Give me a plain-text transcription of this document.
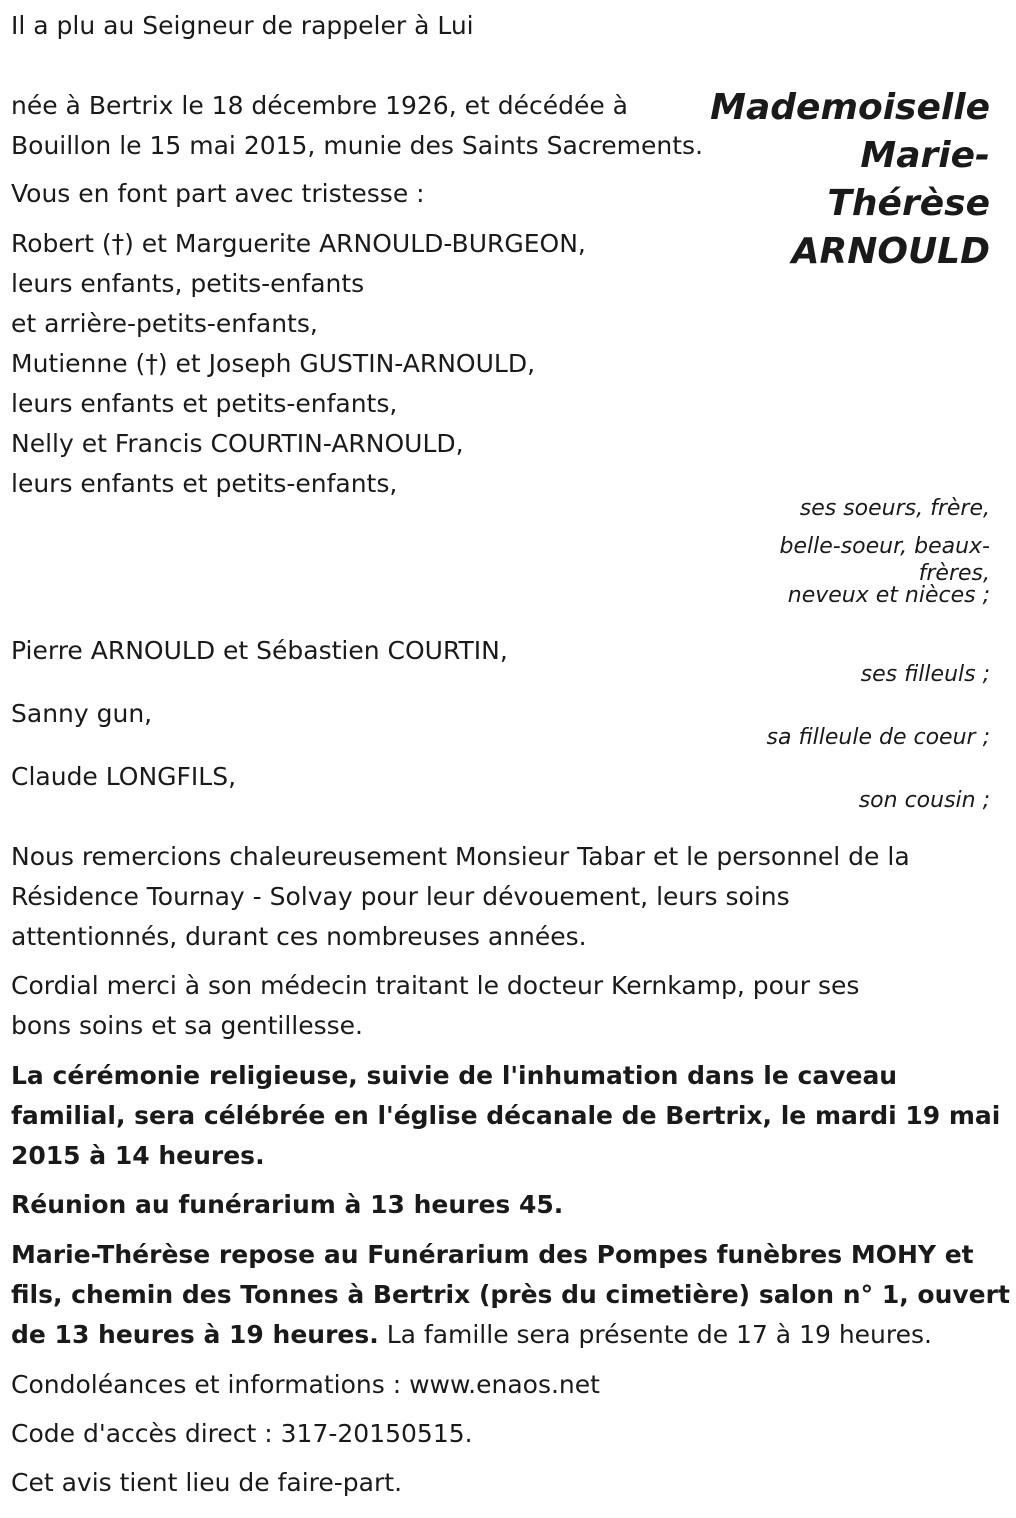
Il a plu au Seigneur de rappeler à Lui

Mademoiselle
Marie-
Thérèse
ARNOULD
née à Bertrix le 18 décembre 1926, et décédée à
Bouillon le 15 mai 2015, munie des Saints Sacrements.

Vous en font part avec tristesse :

Robert (†) et Marguerite ARNOULD-BURGEON,
leurs enfants, petits-enfants
et arrière-petits-enfants,
Mutienne (†) et Joseph GUSTIN-ARNOULD,
leurs enfants et petits-enfants,
Nelly et Francis COURTIN-ARNOULD,
leurs enfants et petits-enfants,
ses soeurs, frère,
belle-soeur, beaux-
frères,
neveux et nièces ;

Pierre ARNOULD et Sébastien COURTIN,

ses filleuls ;

Sanny gun,

sa filleule de coeur ;

Claude LONGFILS,

son cousin ;
Nous remercions chaleureusement Monsieur Tabar et le personnel de la
Résidence Tournay - Solvay pour leur dévouement, leurs soins
attentionnés, durant ces nombreuses années.
Cordial merci à son médecin traitant le docteur Kernkamp, pour ses
bons soins et sa gentillesse.
La cérémonie religieuse, suivie de l'inhumation dans le caveau
familial, sera célébrée en l'église décanale de Bertrix, le mardi 19 mai
2015 à 14 heures.

Réunion au funérarium à 13 heures 45.

Marie-Thérèse repose au Funérarium des Pompes funèbres MOHY et
fils, chemin des Tonnes à Bertrix (près du cimetière) salon n° 1, ouvert
de 13 heures à 19 heures. La famille sera présente de 17 à 19 heures.

Condoléances et informations : www.enaos.net

Code d'accès direct : 317-20150515.

Cet avis tient lieu de faire-part.
